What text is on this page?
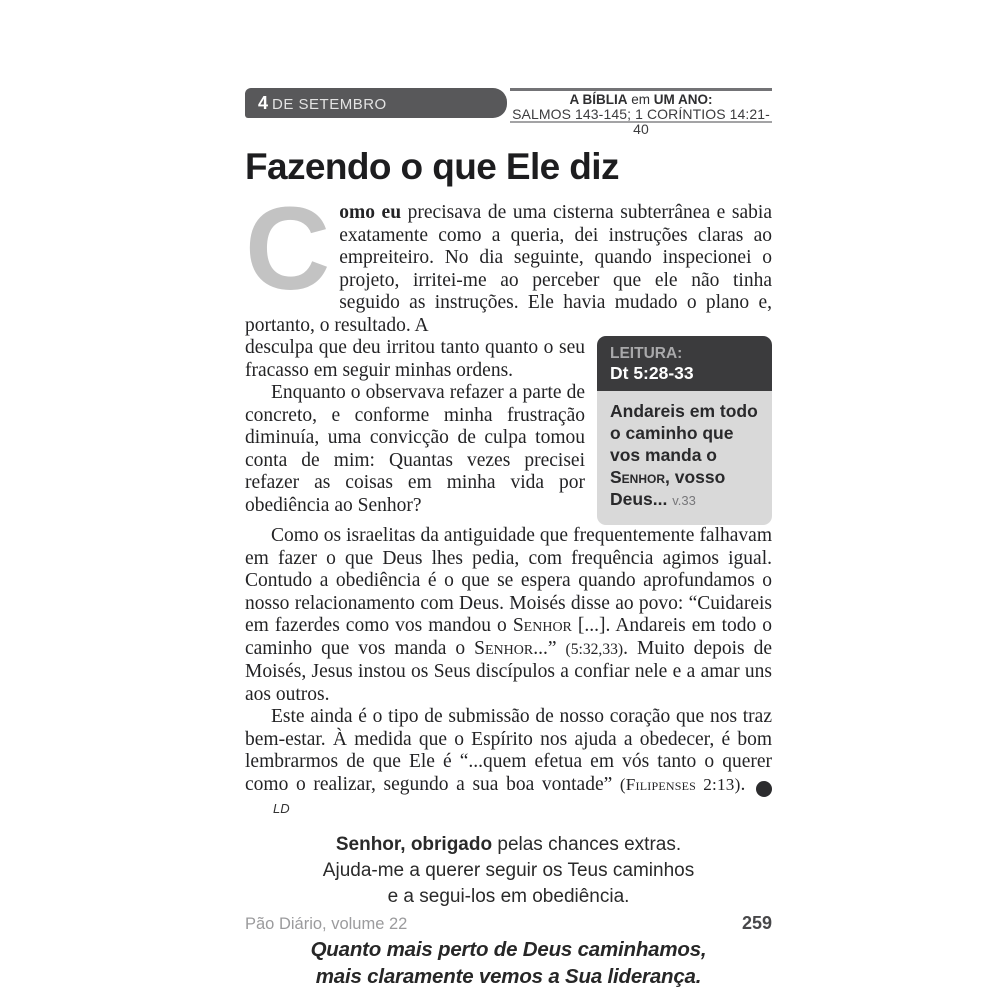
4 DE SETEMBRO	A BÍBLIA em UM ANO:
SALMOS 143-145; 1 CORÍNTIOS 14:21-40
Fazendo o que Ele diz

C omo eu precisava de uma cisterna subterrânea e sabia exatamente como a queria, dei instruções claras ao empreiteiro. No dia seguinte, quando inspecionei o projeto, irritei-me ao perceber que ele não tinha seguido as instruções. Ele havia mudado o plano e, portanto, o resultado. A

desculpa que deu irritou tanto quanto o seu fracasso em seguir minhas ordens.

Enquanto o observava refazer a parte de concreto, e conforme minha frustração diminuía, uma convicção de culpa tomou conta de mim: Quantas vezes precisei refazer as coisas em minha vida por obediência ao Senhor?

LEITURA:
Dt 5:28-33
Andareis em todo o caminho que vos manda o Senhor, vosso Deus... v.33

Como os israelitas da antiguidade que frequentemente falhavam em fazer o que Deus lhes pedia, com frequência agimos igual. Contudo a obediência é o que se espera quando aprofundamos o nosso relacionamento com Deus. Moisés disse ao povo: “Cuidareis em fazerdes como vos mandou o Senhor [...]. Andareis em todo o caminho que vos manda o Senhor...” (5:32,33). Muito depois de Moisés, Jesus instou os Seus discípulos a confiar nele e a amar uns aos outros.

Este ainda é o tipo de submissão de nosso coração que nos traz bem-estar. À medida que o Espírito nos ajuda a obedecer, é bom lembrarmos de que Ele é “...quem efetua em vós tanto o querer como o realizar, segundo a sua boa vontade” (Filipenses 2:13). ✽LD

Senhor, obrigado pelas chances extras.
Ajuda-me a querer seguir os Teus caminhos
e a segui-los em obediência.
Quanto mais perto de Deus caminhamos,
mais claramente vemos a Sua liderança.
Pão Diário, volume 22	259
